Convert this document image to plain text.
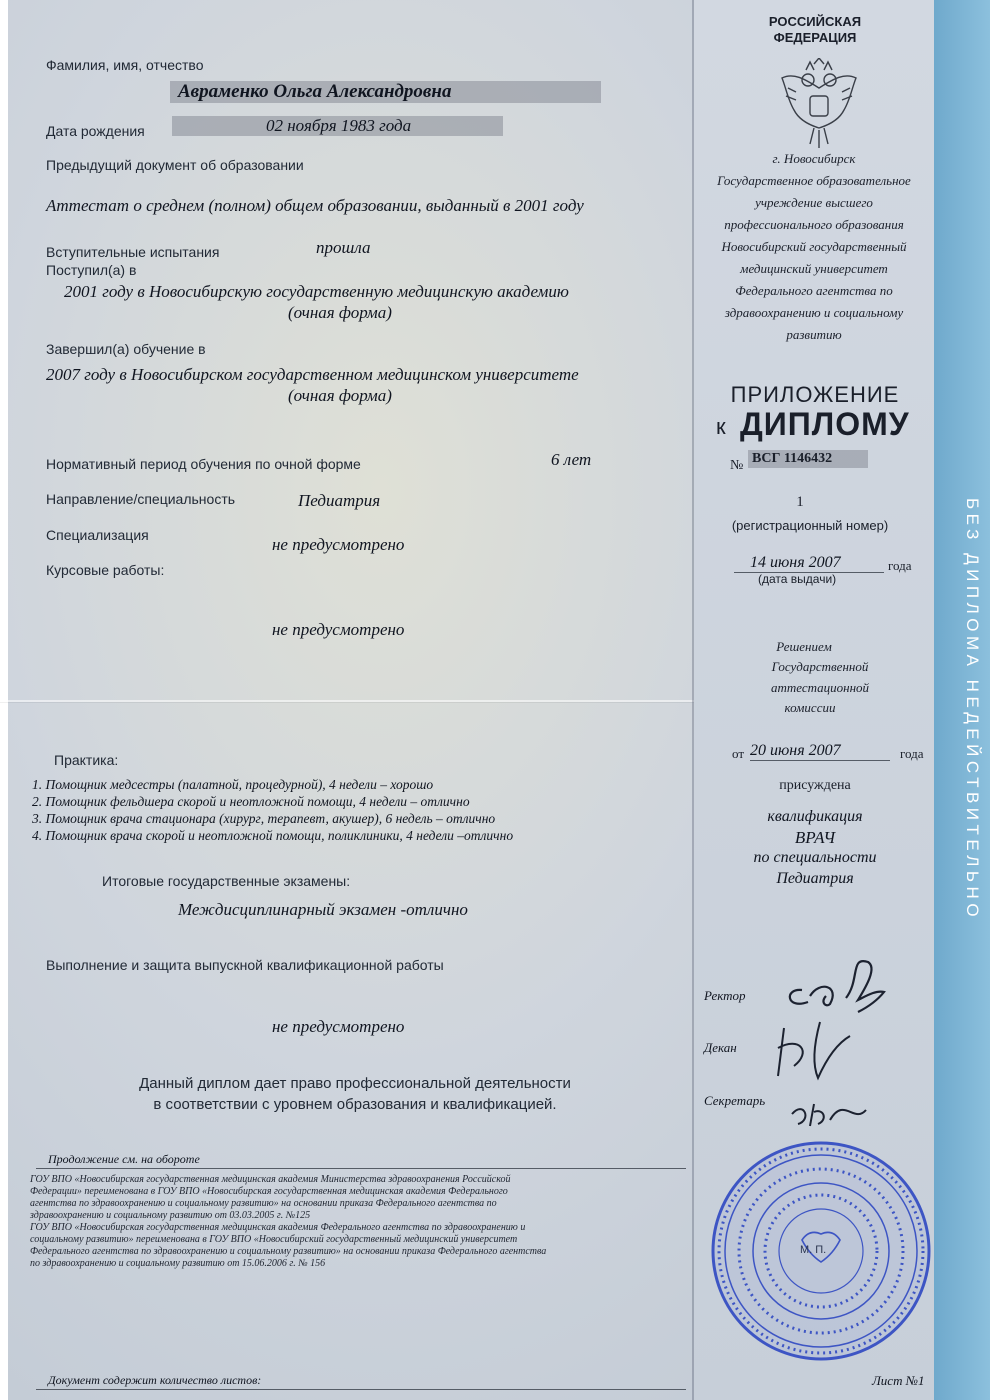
БЕЗ ДИПЛОМА НЕДЕЙСТВИТЕЛЬНО
Фамилия, имя, отчество
Авраменко Ольга Александровна
Дата рождения	02 ноября 1983 года
Предыдущий документ об образовании
Аттестат о среднем (полном) общем образовании, выданный в 2001 году
Вступительные испытания	прошла
Поступил(а) в
2001 году в Новосибирскую государственную медицинскую академию
(очная форма)
Завершил(а) обучение в
2007 году в Новосибирском государственном медицинском университете
(очная форма)
Нормативный период обучения по очной форме	6 лет
Направление/специальность	Педиатрия
Специализация	не предусмотрено
Курсовые работы:
не предусмотрено
Практика:
1. Помощник медсестры (палатной, процедурной), 4 недели – хорошо
2. Помощник фельдшера скорой и неотложной помощи, 4 недели – отлично
3. Помощник врача стационара (хирург, терапевт, акушер), 6 недель – отлично
4. Помощник врача скорой и неотложной помощи, поликлиники, 4 недели –отлично
Итоговые государственные экзамены:
Междисциплинарный экзамен -отлично
Выполнение и защита выпускной квалификационной работы
не предусмотрено
Данный диплом дает право профессиональной деятельности
в соответствии с уровнем образования и квалификацией.
Продолжение см. на обороте
ГОУ ВПО «Новосибирская государственная медицинская академия Министерства здравоохранения Российской
Федерации» переименована в ГОУ ВПО «Новосибирская государственная медицинская академия Федерального
агентства по здравоохранению и социальному развитию» на основании приказа Федерального агентства по
здравоохранению и социальному развитию от 03.03.2005 г. №125
ГОУ ВПО «Новосибирская государственная медицинская академия Федерального агентства по здравоохранению и
социальному развитию» переименована в ГОУ ВПО «Новосибирский государственный медицинский университет
Федерального агентства по здравоохранению и социальному развитию» на основании приказа Федерального агентства
по здравоохранению и социальному развитию от 15.06.2006 г. № 156
Документ содержит количество листов:
РОССИЙСКАЯ
ФЕДЕРАЦИЯ
г. Новосибирск
Государственное образовательное
учреждение высшего
профессионального образования
Новосибирский государственный
медицинский университет
Федерального агентства по
здравоохранению и социальному
развитию
ПРИЛОЖЕНИЕ
к ДИПЛОМУ
№ ВСГ 1146432
1
(регистрационный номер)
14 июня 2007	года
(дата выдачи)
Решением
Государственной
аттестационной
комиссии
от 20 июня 2007	года
присуждена
квалификация
ВРАЧ
по специальности
Педиатрия
Ректор
Декан
Секретарь
М. П.
Лист №1
